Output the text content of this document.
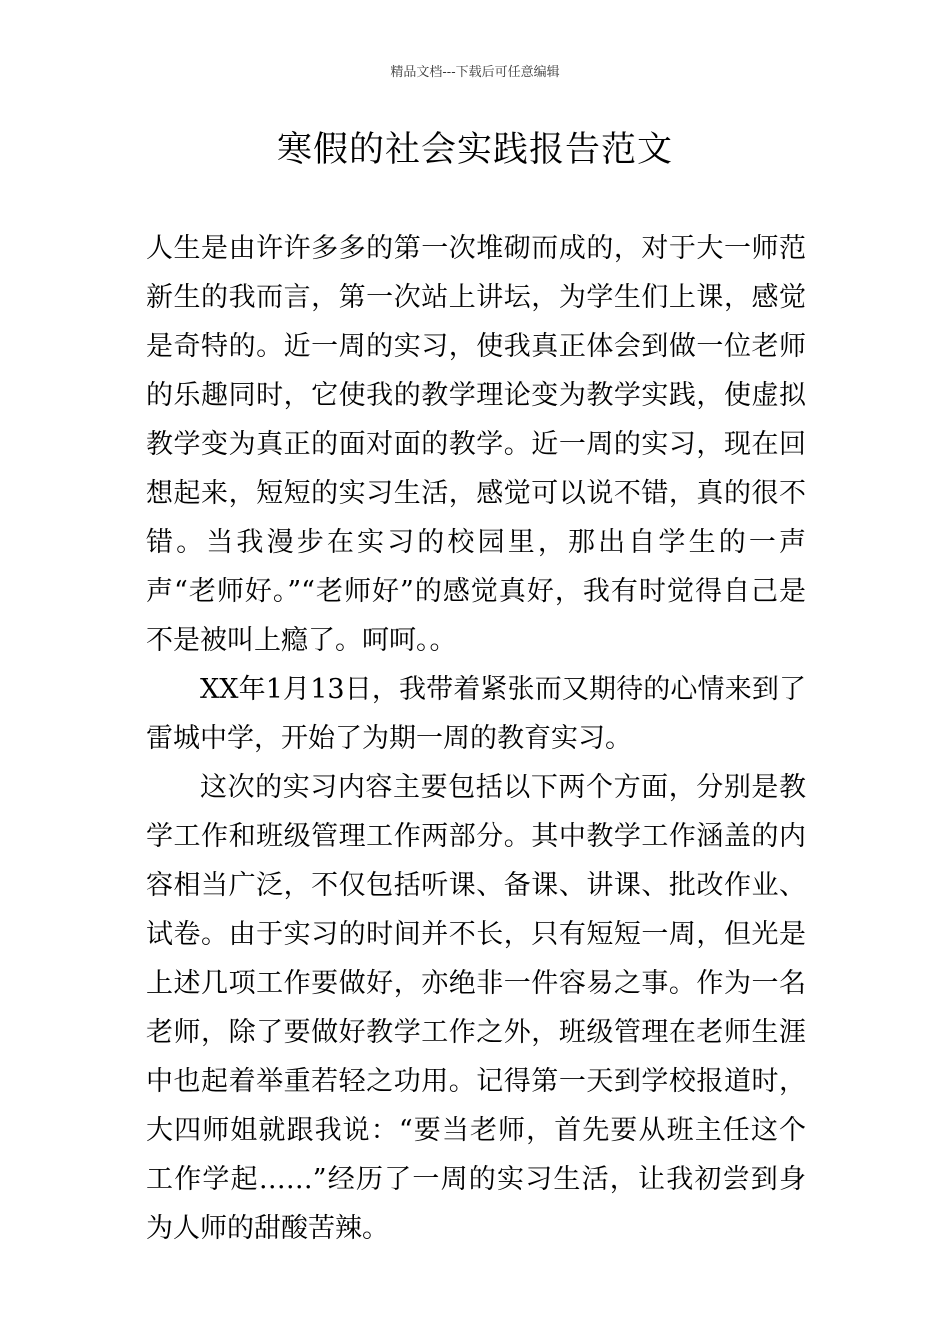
精品文档---下载后可任意编辑
寒假的社会实践报告范文

人生是由许许多多的第一次堆砌而成的，对于大一师范新生的我而言，第一次站上讲坛，为学生们上课，感觉是奇特的。近一周的实习，使我真正体会到做一位老师的乐趣同时，它使我的教学理论变为教学实践，使虚拟教学变为真正的面对面的教学。近一周的实习，现在回想起来，短短的实习生活，感觉可以说不错，真的很不错。当我漫步在实习的校园里，那出自学生的一声声“老师好。”“老师好”的感觉真好，我有时觉得自己是不是被叫上瘾了。呵呵。。

XX年1月13日，我带着紧张而又期待的心情来到了雷城中学，开始了为期一周的教育实习。

这次的实习内容主要包括以下两个方面，分别是教学工作和班级管理工作两部分。其中教学工作涵盖的内容相当广泛，不仅包括听课、备课、讲课、批改作业、试卷。由于实习的时间并不长，只有短短一周，但光是上述几项工作要做好，亦绝非一件容易之事。作为一名老师，除了要做好教学工作之外，班级管理在老师生涯中也起着举重若轻之功用。记得第一天到学校报道时，大四师姐就跟我说：“要当老师，首先要从班主任这个工作学起……”经历了一周的实习生活，让我初尝到身为人师的甜酸苦辣。
